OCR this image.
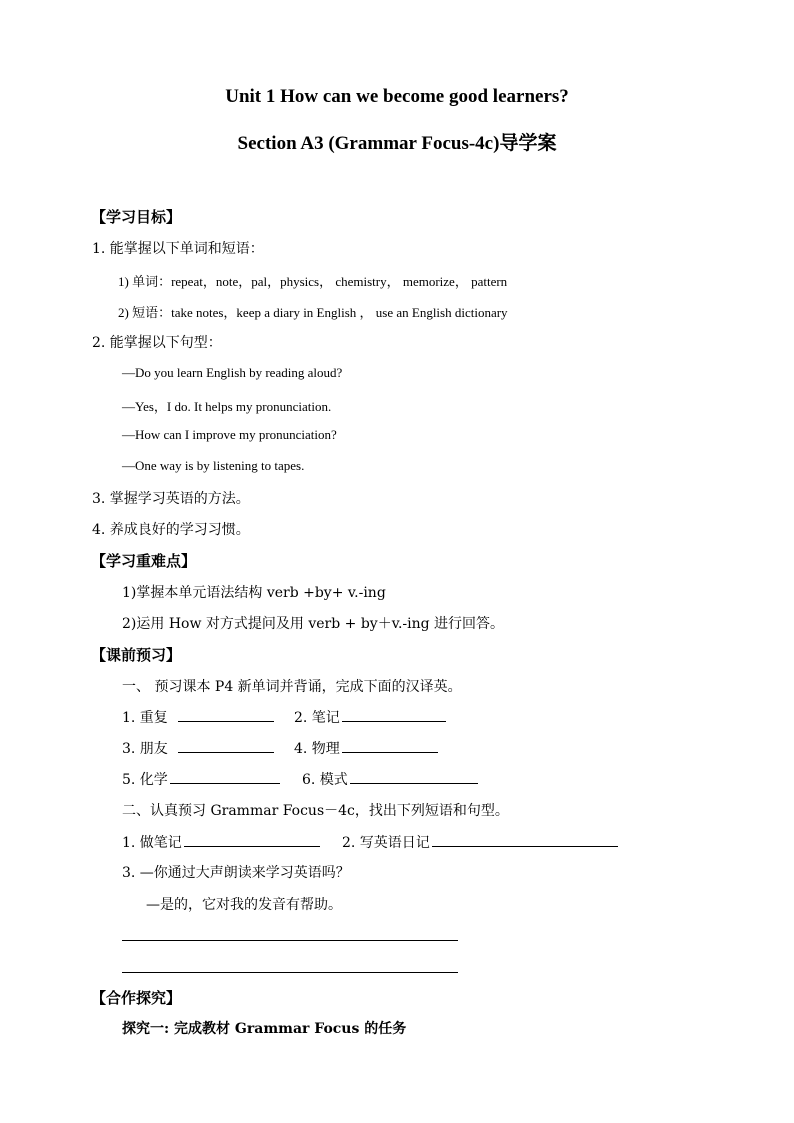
Unit 1 How can we become good learners?
Section A3 (Grammar Focus-4c)导学案
【学习目标】
1. 能掌握以下单词和短语：
1) 单词：repeat，note，pal，physics， chemistry， memorize， pattern
2) 短语：take notes，keep a diary in English ， use an English dictionary
2. 能掌握以下句型：
—Do you learn English by reading aloud?
—Yes，I do. It helps my pronunciation.
—How can I improve my pronunciation?
—One way is by listening to tapes.
3. 掌握学习英语的方法。
4. 养成良好的学习习惯。
【学习重难点】
1)掌握本单元语法结构 verb +by+ v.-ing
2)运用 How 对方式提问及用 verb + by＋v.-ing 进行回答。
【课前预习】
一、 预习课本 P4 新单词并背诵，完成下面的汉译英。
1. 重复	2. 笔记
3. 朋友	4. 物理
5. 化学	6. 模式
二、认真预习 Grammar Focus－4c，找出下列短语和句型。
1. 做笔记	2. 写英语日记
3. —你通过大声朗读来学习英语吗？
—是的，它对我的发音有帮助。
【合作探究】
探究一: 完成教材 Grammar Focus 的任务
